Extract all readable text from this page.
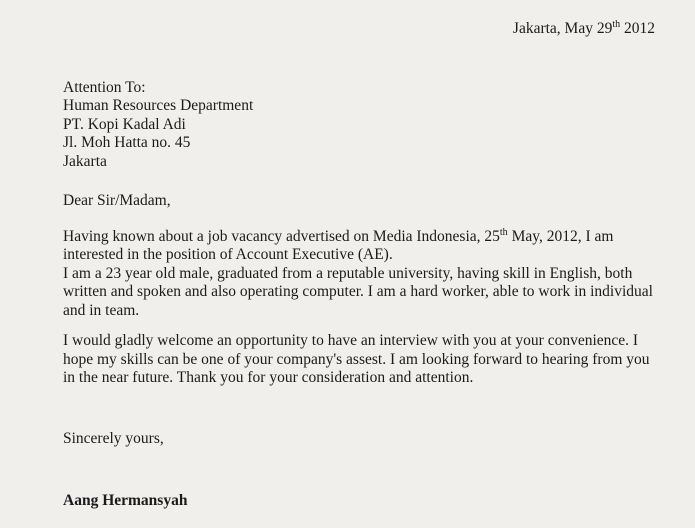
Jakarta, May 29th 2012
Attention To:
Human Resources Department
PT. Kopi Kadal Adi
Jl. Moh Hatta no. 45
Jakarta
Dear Sir/Madam,

Having known about a job vacancy advertised on Media Indonesia, 25th May, 2012, I am interested in the position of Account Executive (AE).

I am a 23 year old male, graduated from a reputable university, having skill in English, both written and spoken and also operating computer. I am a hard worker, able to work in individual and in team.

I would gladly welcome an opportunity to have an interview with you at your convenience. I hope my skills can be one of your company's assest. I am looking forward to hearing from you in the near future. Thank you for your consideration and attention.

Sincerely yours,
Aang Hermansyah
